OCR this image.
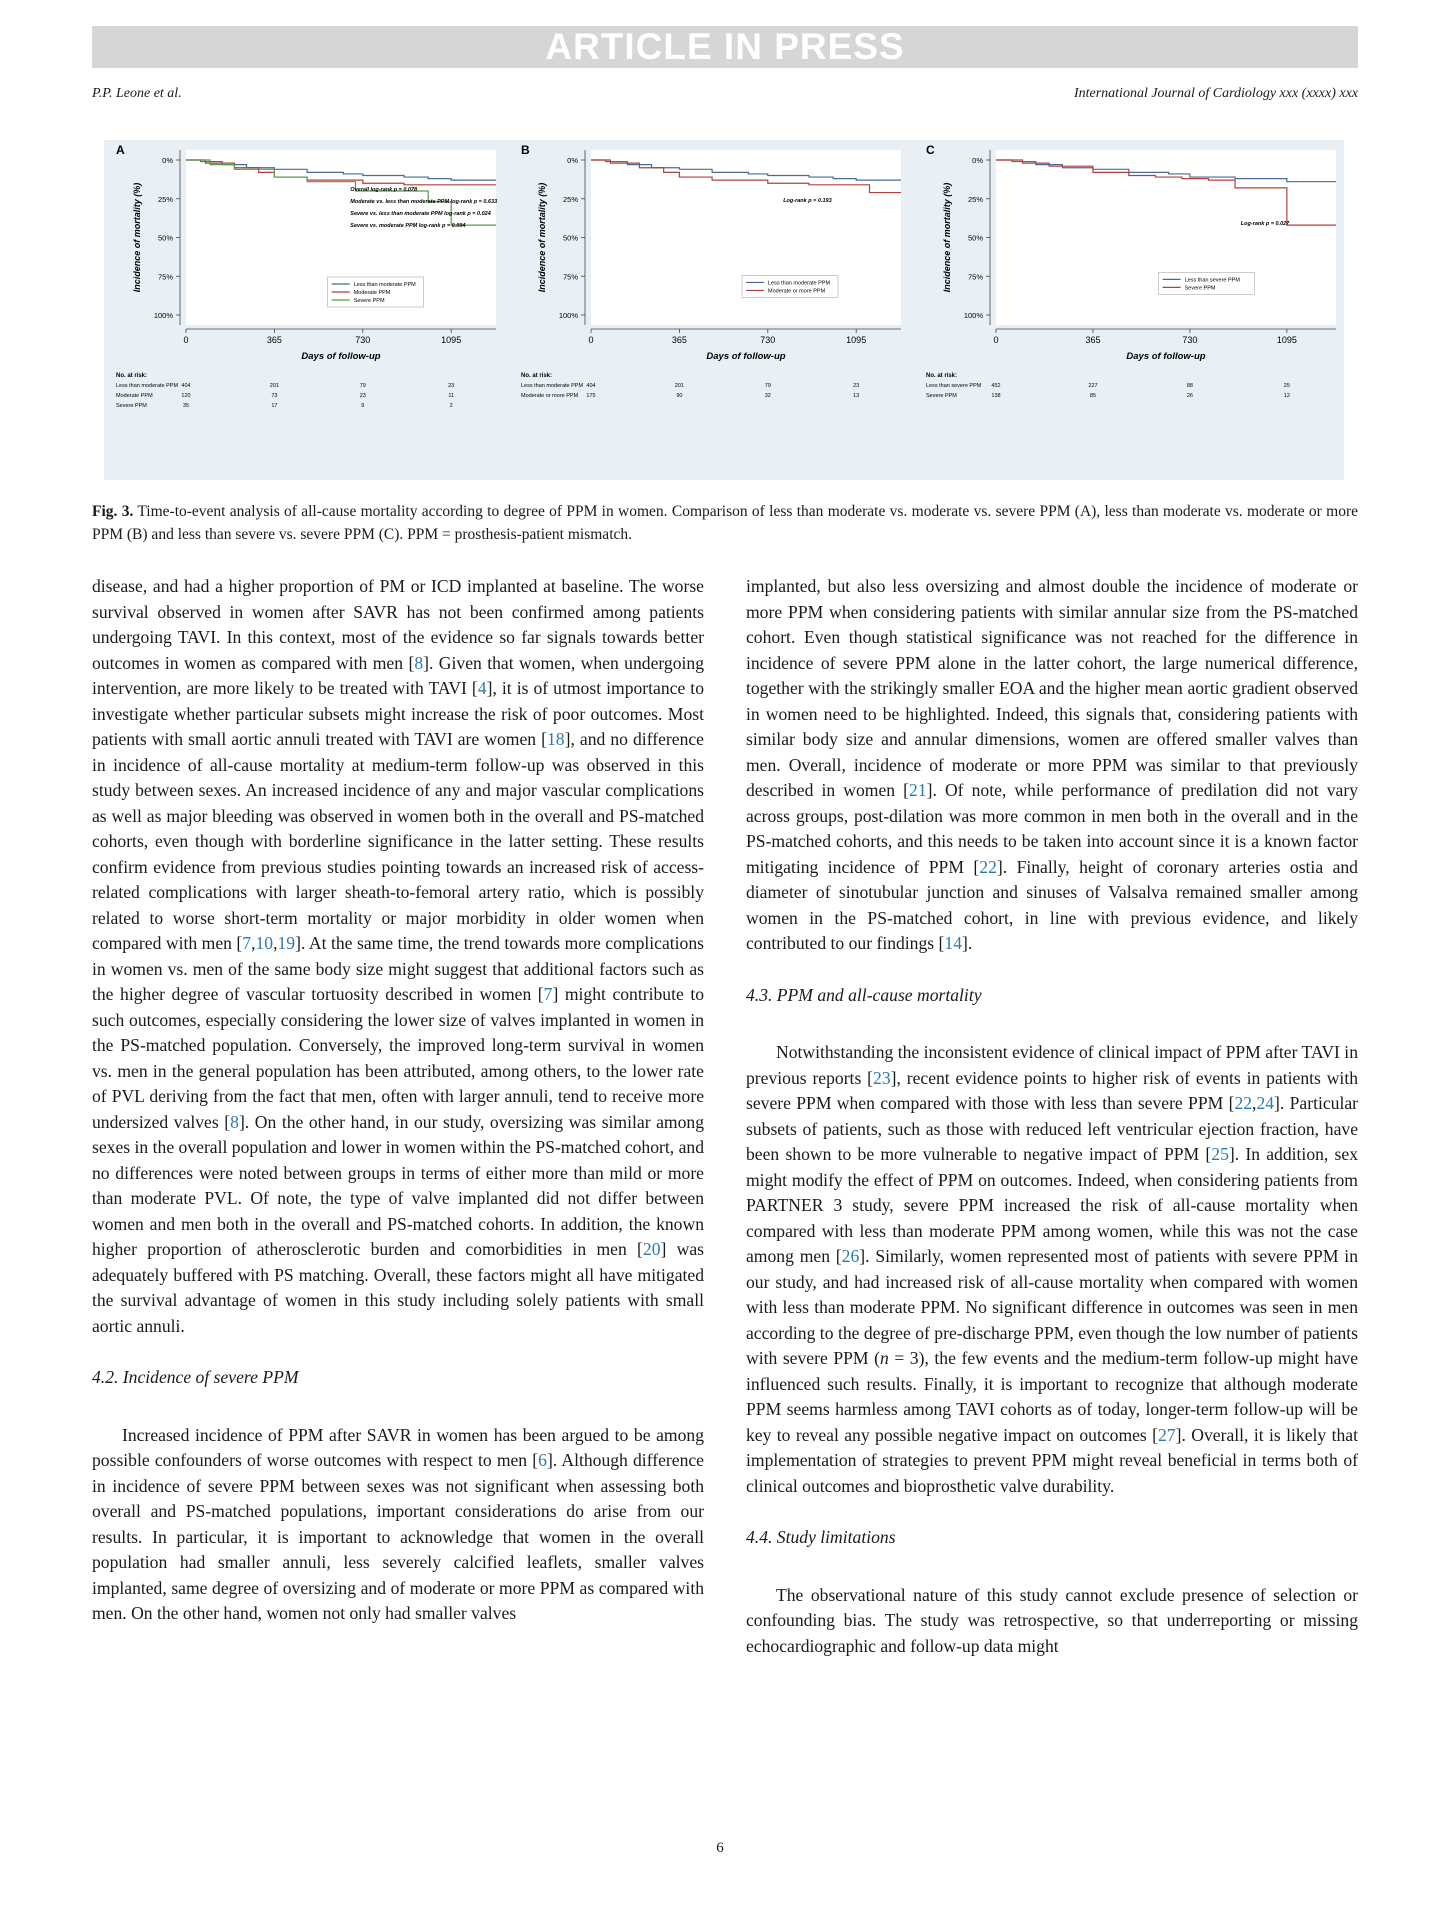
ARTICLE IN PRESS
P.P. Leone et al.	International Journal of Cardiology xxx (xxxx) xxx
A
0%
25%
50%
75%
100%
0	365	730	1095
Incidence of mortality (%)
Days of follow-up
Overall log-rank p = 0.078
Moderate vs. less than moderate PPM log-rank p = 0.633
Severe vs. less than moderate PPM log-rank p = 0.024
Severe vs. moderate PPM log-rank p = 0.094
Less than moderate PPM
Moderate PPM
Severe PPM
No. at risk:
Less than moderate PPM 404	201	79	23
Moderate PPM	120	73	23	11
Severe PPM	35	17	9	2
B
0%
25%
50%
75%
100%
0	365	730	1095
Incidence of mortality (%)
Days of follow-up
Log-rank p = 0.193
Less than moderate PPM
Moderate or more PPM
No. at risk:
Less than moderate PPM 404	201	79	23
Moderate or more PPM 175	90	32	13
C
0%
25%
50%
75%
100%
0	365	730	1095
Incidence of mortality (%)
Days of follow-up
Log-rank p = 0.027
Less than severe PPM
Severe PPM
No. at risk:
Less than severe PPM 452	227	88	25
Severe PPM	138	85	26	12
Fig. 3. Time-to-event analysis of all-cause mortality according to degree of PPM in women. Comparison of less than moderate vs. moderate vs. severe PPM (A), less than moderate vs. moderate or more PPM (B) and less than severe vs. severe PPM (C). PPM = prosthesis-patient mismatch.

disease, and had a higher proportion of PM or ICD implanted at baseline. The worse survival observed in women after SAVR has not been confirmed among patients undergoing TAVI. In this context, most of the evidence so far signals towards better outcomes in women as compared with men [8]. Given that women, when undergoing intervention, are more likely to be treated with TAVI [4], it is of utmost importance to investigate whether particular subsets might increase the risk of poor outcomes. Most patients with small aortic annuli treated with TAVI are women [18], and no difference in incidence of all-cause mortality at medium-term follow-up was observed in this study between sexes. An increased incidence of any and major vascular complications as well as major bleeding was observed in women both in the overall and PS-matched cohorts, even though with borderline significance in the latter setting. These results confirm evidence from previous studies pointing towards an increased risk of access-related complications with larger sheath-to-femoral artery ratio, which is possibly related to worse short-term mortality or major morbidity in older women when compared with men [7,10,19]. At the same time, the trend towards more complications in women vs. men of the same body size might suggest that additional factors such as the higher degree of vascular tortuosity described in women [7] might contribute to such outcomes, especially considering the lower size of valves implanted in women in the PS-matched population. Conversely, the improved long-term survival in women vs. men in the general population has been attributed, among others, to the lower rate of PVL deriving from the fact that men, often with larger annuli, tend to receive more undersized valves [8]. On the other hand, in our study, oversizing was similar among sexes in the overall population and lower in women within the PS-matched cohort, and no differences were noted between groups in terms of either more than mild or more than moderate PVL. Of note, the type of valve implanted did not differ between women and men both in the overall and PS-matched cohorts. In addition, the known higher proportion of atherosclerotic burden and comorbidities in men [20] was adequately buffered with PS matching. Overall, these factors might all have mitigated the survival advantage of women in this study including solely patients with small aortic annuli.

4.2. Incidence of severe PPM

Increased incidence of PPM after SAVR in women has been argued to be among possible confounders of worse outcomes with respect to men [6]. Although difference in incidence of severe PPM between sexes was not significant when assessing both overall and PS-matched populations, important considerations do arise from our results. In particular, it is important to acknowledge that women in the overall population had smaller annuli, less severely calcified leaflets, smaller valves implanted, same degree of oversizing and of moderate or more PPM as compared with men. On the other hand, women not only had smaller valves

implanted, but also less oversizing and almost double the incidence of moderate or more PPM when considering patients with similar annular size from the PS-matched cohort. Even though statistical significance was not reached for the difference in incidence of severe PPM alone in the latter cohort, the large numerical difference, together with the strikingly smaller EOA and the higher mean aortic gradient observed in women need to be highlighted. Indeed, this signals that, considering patients with similar body size and annular dimensions, women are offered smaller valves than men. Overall, incidence of moderate or more PPM was similar to that previously described in women [21]. Of note, while performance of predilation did not vary across groups, post-dilation was more common in men both in the overall and in the PS-matched cohorts, and this needs to be taken into account since it is a known factor mitigating incidence of PPM [22]. Finally, height of coronary arteries ostia and diameter of sinotubular junction and sinuses of Valsalva remained smaller among women in the PS-matched cohort, in line with previous evidence, and likely contributed to our findings [14].

4.3. PPM and all-cause mortality

Notwithstanding the inconsistent evidence of clinical impact of PPM after TAVI in previous reports [23], recent evidence points to higher risk of events in patients with severe PPM when compared with those with less than severe PPM [22,24]. Particular subsets of patients, such as those with reduced left ventricular ejection fraction, have been shown to be more vulnerable to negative impact of PPM [25]. In addition, sex might modify the effect of PPM on outcomes. Indeed, when considering patients from PARTNER 3 study, severe PPM increased the risk of all-cause mortality when compared with less than moderate PPM among women, while this was not the case among men [26]. Similarly, women represented most of patients with severe PPM in our study, and had increased risk of all-cause mortality when compared with women with less than moderate PPM. No significant difference in outcomes was seen in men according to the degree of pre-discharge PPM, even though the low number of patients with severe PPM (n = 3), the few events and the medium-term follow-up might have influenced such results. Finally, it is important to recognize that although moderate PPM seems harmless among TAVI cohorts as of today, longer-term follow-up will be key to reveal any possible negative impact on outcomes [27]. Overall, it is likely that implementation of strategies to prevent PPM might reveal beneficial in terms both of clinical outcomes and bioprosthetic valve durability.

4.4. Study limitations

The observational nature of this study cannot exclude presence of selection or confounding bias. The study was retrospective, so that underreporting or missing echocardiographic and follow-up data might

6
